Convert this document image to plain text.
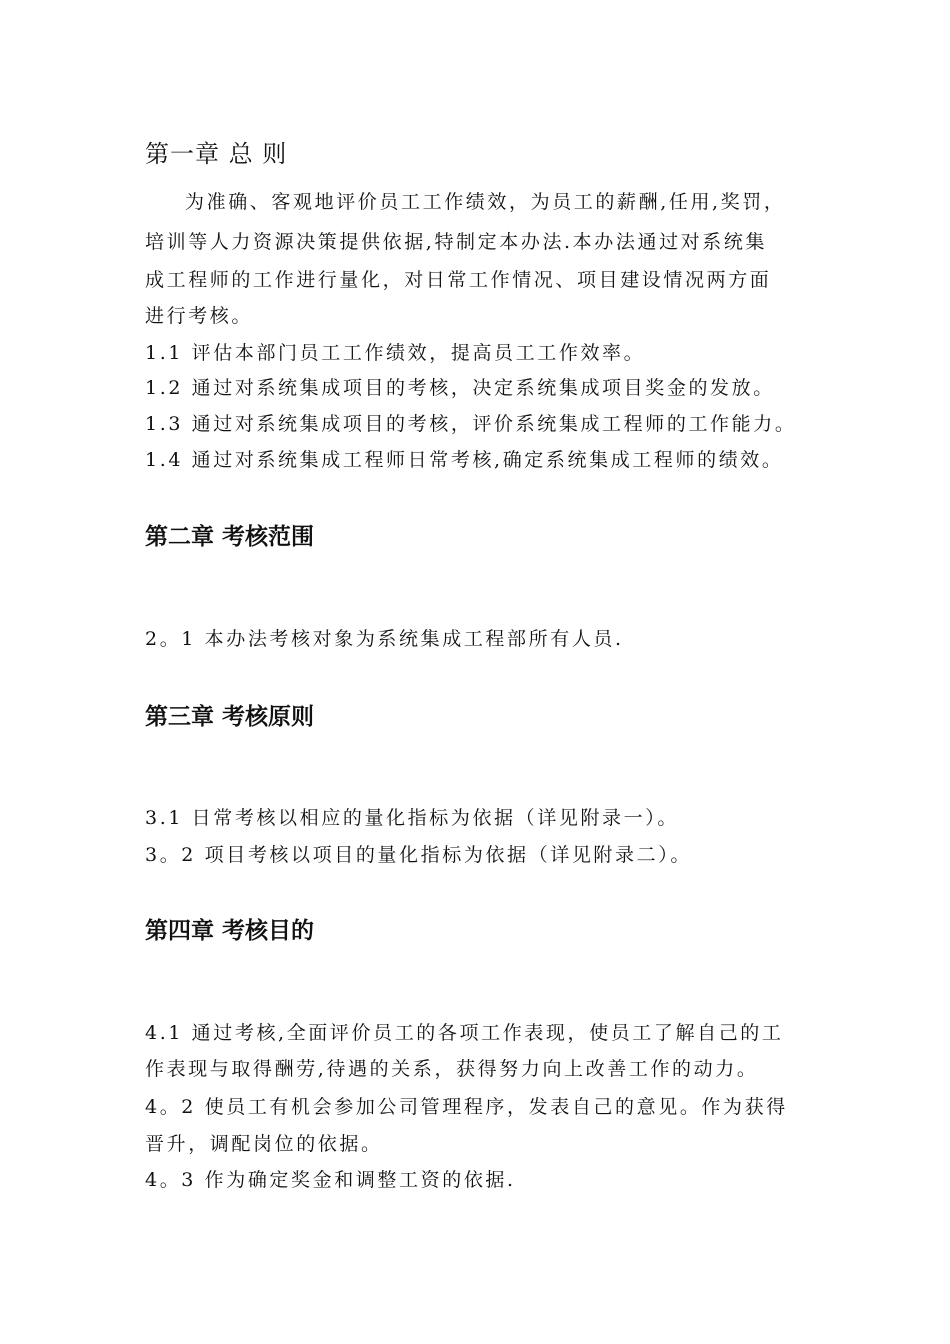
第一章 总 则
为准确、客观地评价员工工作绩效，为员工的薪酬,任用,奖罚，
培训等人力资源决策提供依据,特制定本办法.本办法通过对系统集
成工程师的工作进行量化，对日常工作情况、项目建设情况两方面
进行考核。
1.1 评估本部门员工工作绩效，提高员工工作效率。
1.2 通过对系统集成项目的考核，决定系统集成项目奖金的发放。
1.3 通过对系统集成项目的考核，评价系统集成工程师的工作能力。
1.4 通过对系统集成工程师日常考核,确定系统集成工程师的绩效。
第二章 考核范围
2。1 本办法考核对象为系统集成工程部所有人员.
第三章 考核原则
3.1 日常考核以相应的量化指标为依据（详见附录一）。
3。2 项目考核以项目的量化指标为依据（详见附录二）。
第四章 考核目的
4.1 通过考核,全面评价员工的各项工作表现，使员工了解自己的工
作表现与取得酬劳,待遇的关系，获得努力向上改善工作的动力。
4。2 使员工有机会参加公司管理程序，发表自己的意见。作为获得
晋升，调配岗位的依据。
4。3 作为确定奖金和调整工资的依据.
